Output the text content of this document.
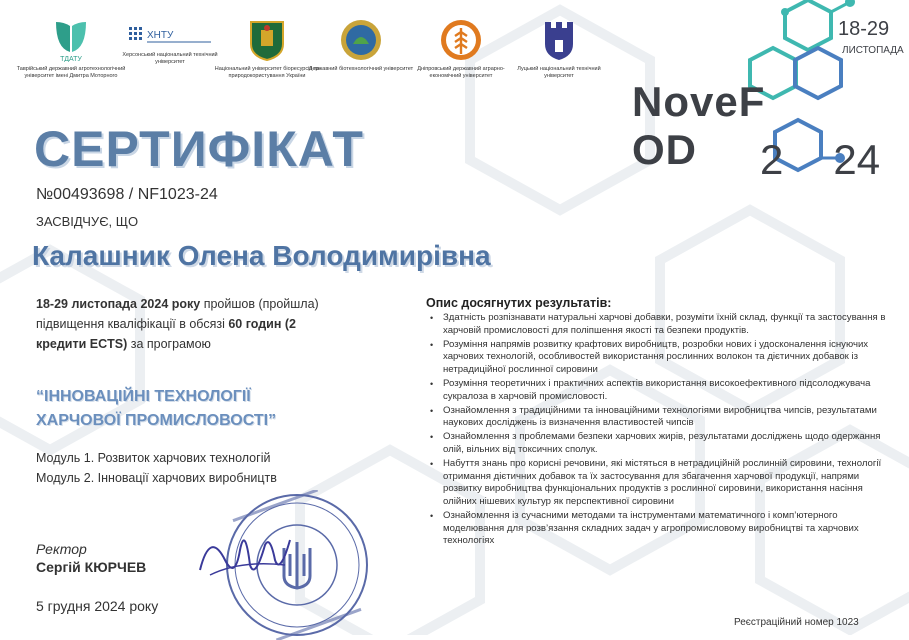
ТДАТУ
Таврійський державний агротехнологічний університет імені Дмитра Моторного
ХНТУ
Херсонський національний технічний університет
Національний університет біоресурсів та природокористування України
Державний біотехнологічний університет Дніпровський державний аграрно-економічний університет
Луцький національний технічний університет
18-29
ЛИСТОПАДА
NoveFOD	2 24
СЕРТИФІКАТ
№00493698 / NF1023-24
ЗАСВІДЧУЄ, ЩО
Калашник Олена Володимирівна
18-29 листопада 2024 року пройшов (пройшла) підвищення кваліфікації в обсязі 60 годин (2 кредити ECTS) за програмою
“ІННОВАЦІЙНІ ТЕХНОЛОГІЇ
ХАРЧОВОЇ ПРОМИСЛОВОСТІ”
Модуль 1. Розвиток харчових технологій
Модуль 2. Інновації харчових виробництв
Ректор
Сергій КЮРЧЕВ
5 грудня 2024 року
Опис досягнутих результатів:
• Здатність розпізнавати натуральні харчові добавки, розуміти їхній склад, функції та застосування в харчовій промисловості для поліпшення якості та безпеки продуктів.
• Розуміння напрямів розвитку крафтових виробництв, розробки нових і удосконалення існуючих харчових технологій, особливостей використання рослинних волокон та дієтичних добавок із нетрадиційної рослинної сировини
• Розуміння теоретичних і практичних аспектів використання високоефективного підсолоджувача сукралоза в харчовій промисловості.
• Ознайомлення з традиційними та інноваційними технологіями виробництва чипсів, результатами наукових досліджень із визначення властивостей чипсів
• Ознайомлення з проблемами безпеки харчових жирів, результатами досліджень щодо одержання олій, вільних від токсичних сполук.
• Набуття знань про корисні речовини, які містяться в нетрадиційній рослинній сировини, технології отримання дієтичних добавок та їх застосування для збагачення харчової продукції, напрями розвитку виробництва функціональних продуктів з рослинної сировини, використання насіння олійних нішевих культур як перспективної сировини
• Ознайомлення із сучасними методами та інструментами математичного і комп’ютерного моделювання для розв’язання складних задач у агропромисловому виробництві та харчових технологіях
Реєстраційний номер 1023
